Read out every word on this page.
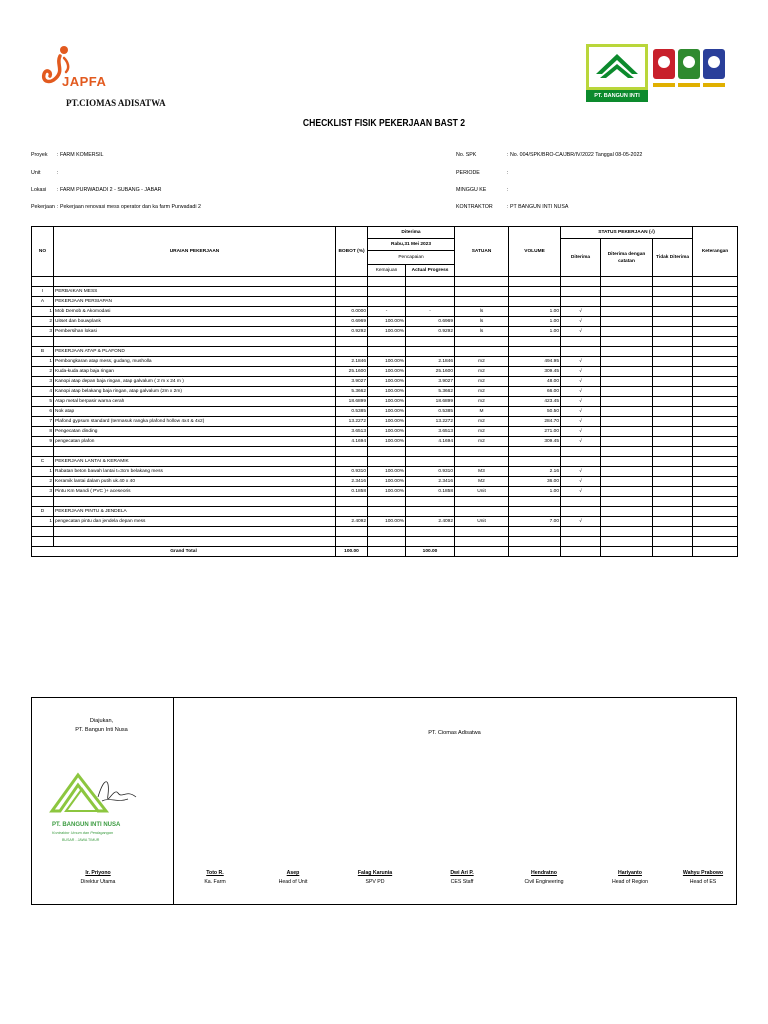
JAPFA
PT.CIOMAS ADISATWA
PT. BANGUN INTI NUSA
CHECKLIST FISIK PEKERJAAN BAST 2
Proyek : FARM KOMERSIL
Unit	:
Lokasi : FARM PURWADADI 2 - SUBANG - JABAR
Pekerjaan : Pekerjaan renovasi mess operator dan ka farm Purwadadi 2
No. SPK	: No. 004/SPK/BRO-CA/JBR/IV/2022 Tanggal 08-05-2022
PERIODE	:
MINGGU KE	:
KONTRAKTOR	: PT BANGUN INTI NUSA
NO	URAIAN PEKERJAAN	BOBOT (%)	Diterima		SATUAN	VOLUME	STATUS PEKERJAAN (√)			Keterangan
			Rabu,31 Mei 2023				Diterima	Diterima dengan catatan	Tidak Diterima	
			Pencapaian							
			Kemajuan	Actual Progress						

I	PERBAIKAN MESS									
A	PEKERJAAN PERSIAPAN									
1	Mob Demob & Akomodasi	0.0000	-	-	ls	1.00	√			
2	Uitset dan bouwplank	0.6969	100.00%	0.6969	ls	1.00	√			
3	Pembersihan lokasi	0.9292	100.00%	0.9292	ls	1.00	√			

B	PEKERJAAN ATAP & PLAFOND									
1	Pembongkaran atap mess, gudang, musholla	2.1846	100.00%	2.1846	m2	494.95	√			
2	Kuda-kuda atap baja ringan	25.1600	100.00%	25.1600	m2	309.45	√			
3	Kanopi atap depan baja ringan, atap galvalum ( 2 m x 24 m )	3.9027	100.00%	3.9027	m2	48.00	√			
4	Kanopi atap belakang baja ringan, atap galvalum (2m x 2m)	5.3662	100.00%	5.3662	m2	66.00	√			
5	Atap metal berpasir warna cerah	18.6899	100.00%	18.6899	m2	423.45	√			
6	Nok atap	0.5385	100.00%	0.5385	M	50.50	√			
7	Plafond gypsum standard (termasuk rangka plafond hollow 4x4 & 4x2)	13.2272	100.00%	13.2272	m2	284.70	√			
8	Pengecatan dinding	3.6513	100.00%	3.6513	m2	271.00	√			
9	pengecatan plafon	4.1694	100.00%	4.1694	m2	309.45	√			

C	PEKERJAAN LANTAI & KERAMIK									
1	Rabatan beton bawah lantai t=3cm belakang mess	0.9310	100.00%	0.9310	M3	2.16	√			
2	Keramik lantai dalam putih uk.40 x 40	2.3416	100.00%	2.3416	M2	36.00	√			
3	Pintu Km Mandi ( PVC )+ aceseoris	0.1858	100.00%	0.1858	Unit	1.00	√			

D	PEKERJAAN PINTU & JENDELA									
1	pengecatan pintu dan jendela depan mess	2.4092	100.00%	2.4092	Unit	7.00	√			

Grand Total		100.00		100.00						
Diajukan,
PT. Bangun Inti Nusa	PT. Ciomas Adisatwa
PT. BANGUN INTI NUSA
Kontraktor Umum dan Perdagangan
BUSAR - JAWA TIMUR
Ir. Priyono
Direktur Utama
Toto R.
Ka. Farm
Asep
Head of Unit
Falag Karunia
SPV PD
Dwi Ari P.
CES Staff
Hendratno
Civil Engineering
Hariyanto
Head of Region
Wahyu Prabowo
Head of ES
